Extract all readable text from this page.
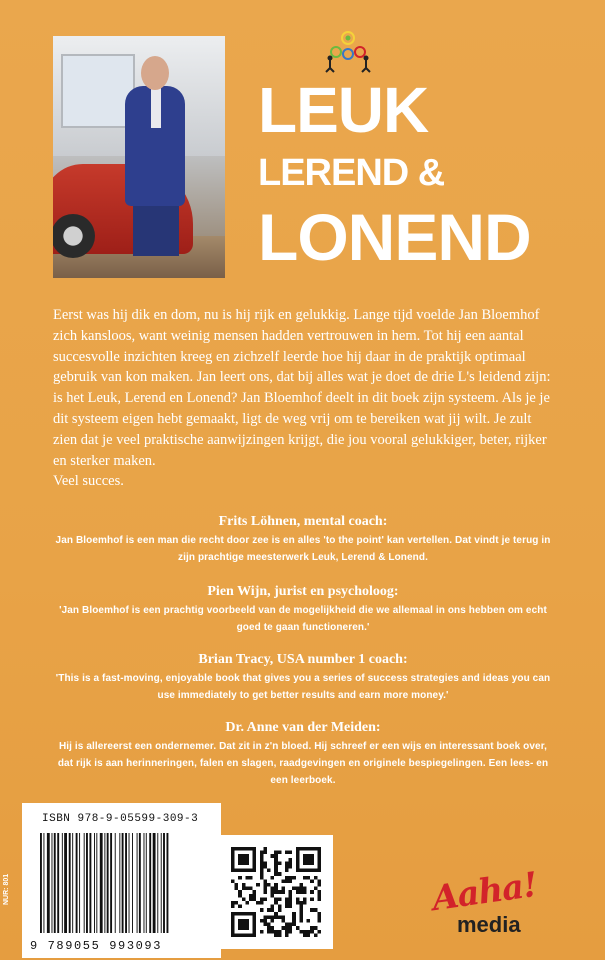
LEUK
LEREND &
LONEND
Eerst was hij dik en dom, nu is hij rijk en gelukkig. Lange tijd voelde Jan Bloemhof zich kansloos, want weinig mensen hadden vertrouwen in hem. Tot hij een aantal succesvolle inzichten kreeg en zichzelf leerde hoe hij daar in de praktijk optimaal gebruik van kon maken. Jan leert ons, dat bij alles wat je doet de drie L's leidend zijn: is het Leuk, Lerend en Lonend? Jan Bloemhof deelt in dit boek zijn systeem. Als je je dit systeem eigen hebt gemaakt, ligt de weg vrij om te bereiken wat jij wilt. Je zult zien dat je veel praktische aanwijzingen krijgt, die jou vooral gelukkiger, beter, rijker en sterker maken.
Veel succes.
Frits Löhnen, mental coach:
Jan Bloemhof is een man die recht door zee is en alles 'to the point' kan vertellen. Dat vindt je terug in zijn prachtige meesterwerk Leuk, Lerend & Lonend.
Pien Wijn, jurist en psycholoog:
'Jan Bloemhof is een prachtig voorbeeld van de mogelijkheid die we allemaal in ons hebben om echt goed te gaan functioneren.'
Brian Tracy, USA number 1 coach:
'This is a fast-moving, enjoyable book that gives you a series of success strategies and ideas you can use immediately to get better results and earn more money.'
Dr. Anne van der Meiden:
Hij is allereerst een ondernemer. Dat zit in z'n bloed. Hij schreef er een wijs en interessant boek over, dat rijk is aan herinneringen, falen en slagen, raadgevingen en originele bespiegelingen. Een lees- en een leerboek.
NUR: 801
ISBN 978-9-05599-309-3
9 789055 993093
Aaha!
media
